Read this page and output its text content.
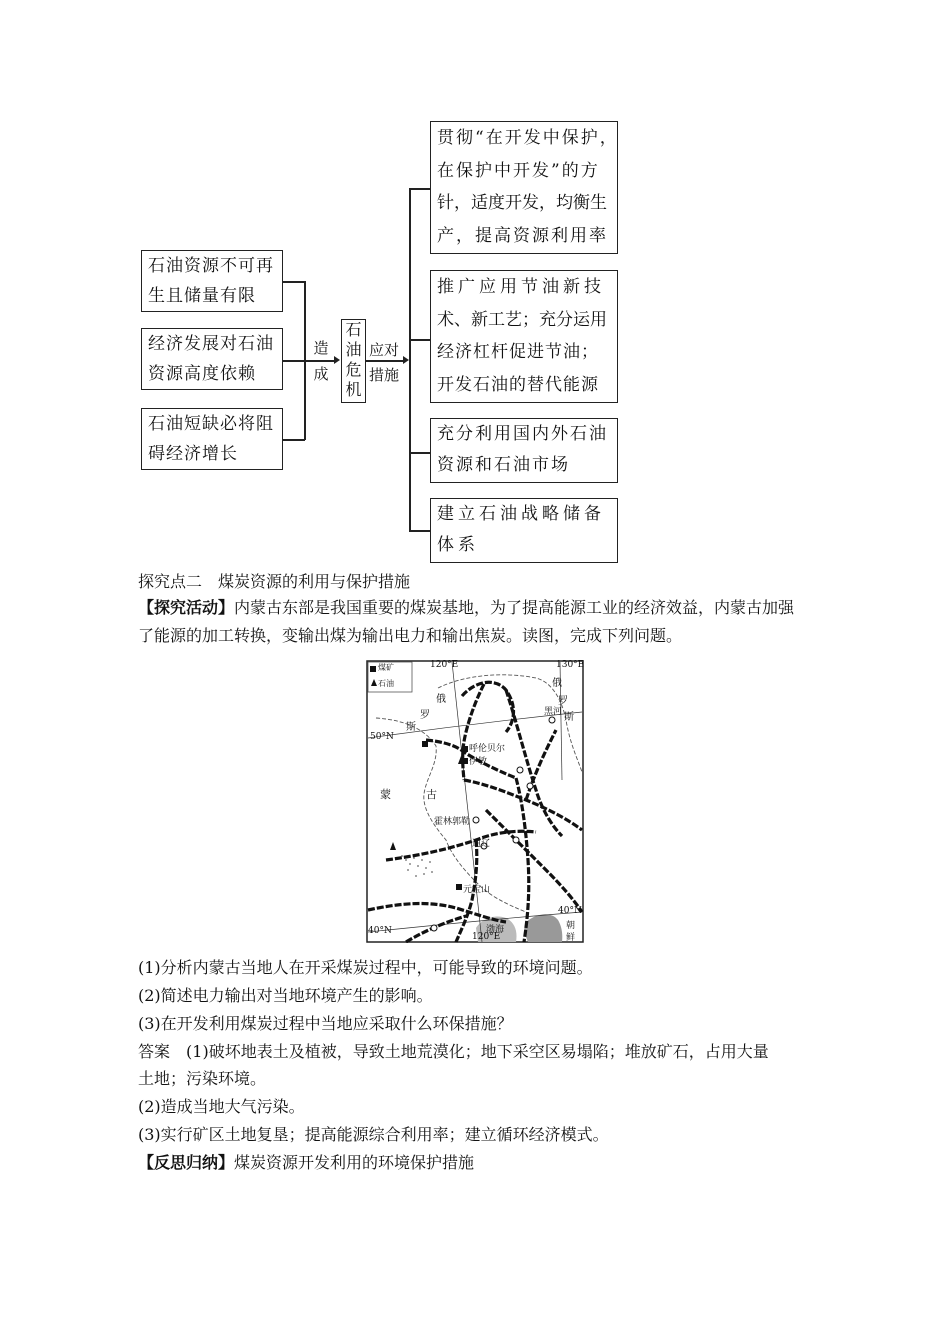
石油资源不可再
生且储量有限
经济发展对石油
资源高度依赖
石油短缺必将阻
碍经济增长
造
成
石
油
危
机
应对
措施
贯彻“在开发中保护，
在保护中开发”的方
针，适度开发，均衡生
产，提高资源利用率
推广应用节油新技
术、新工艺；充分运用
经济杠杆促进节油；
开发石油的替代能源
充分利用国内外石油
资源和石油市场
建立石油战略储备
体系
探究点二　煤炭资源的利用与保护措施
【探究活动】内蒙古东部是我国重要的煤炭基地，为了提高能源工业的经济效益，内蒙古加强
了能源的加工转换，变输出煤为输出电力和输出焦炭。读图，完成下列问题。
煤矿
石油
120°E	130°E
俄
罗
斯
俄
罗
斯
黑河
50°N
呼伦贝尔
伊敏
蒙	古
霍林郭勒
通辽
元宝山
40°N
40°N
120°E
渤海	朝
鲜
(1)分析内蒙古当地人在开采煤炭过程中，可能导致的环境问题。
(2)简述电力输出对当地环境产生的影响。
(3)在开发利用煤炭过程中当地应采取什么环保措施？
答案　 (1)破坏地表土及植被，导致土地荒漠化；地下采空区易塌陷；堆放矿石，占用大量
土地；污染环境。
(2)造成当地大气污染。
(3)实行矿区土地复垦；提高能源综合利用率；建立循环经济模式。
【反思归纳】煤炭资源开发利用的环境保护措施
